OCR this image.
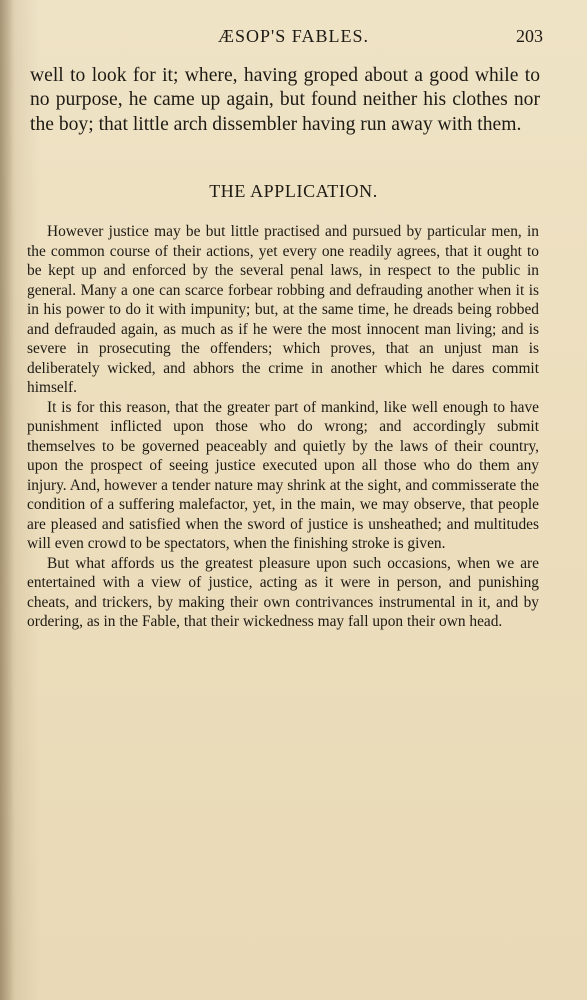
ÆSOP'S FABLES.	203

well to look for it; where, having groped about a good while to no purpose, he came up again, but found neither his clothes nor the boy; that little arch dissembler having run away with them.

THE APPLICATION.

However justice may be but little practised and pursued by particular men, in the common course of their actions, yet every one readily agrees, that it ought to be kept up and enforced by the several penal laws, in respect to the public in general. Many a one can scarce forbear robbing and defrauding another when it is in his power to do it with impunity; but, at the same time, he dreads being robbed and defrauded again, as much as if he were the most innocent man living; and is severe in prosecuting the offenders; which proves, that an unjust man is deliberately wicked, and abhors the crime in another which he dares commit himself.

It is for this reason, that the greater part of mankind, like well enough to have punishment inflicted upon those who do wrong; and accordingly submit themselves to be governed peaceably and quietly by the laws of their country, upon the prospect of seeing justice executed upon all those who do them any injury. And, however a tender nature may shrink at the sight, and commisserate the condition of a suffering malefactor, yet, in the main, we may observe, that people are pleased and satisfied when the sword of justice is unsheathed; and multitudes will even crowd to be spectators, when the finishing stroke is given.

But what affords us the greatest pleasure upon such occasions, when we are entertained with a view of justice, acting as it were in person, and punishing cheats, and trickers, by making their own contrivances instrumental in it, and by ordering, as in the Fable, that their wickedness may fall upon their own head.
